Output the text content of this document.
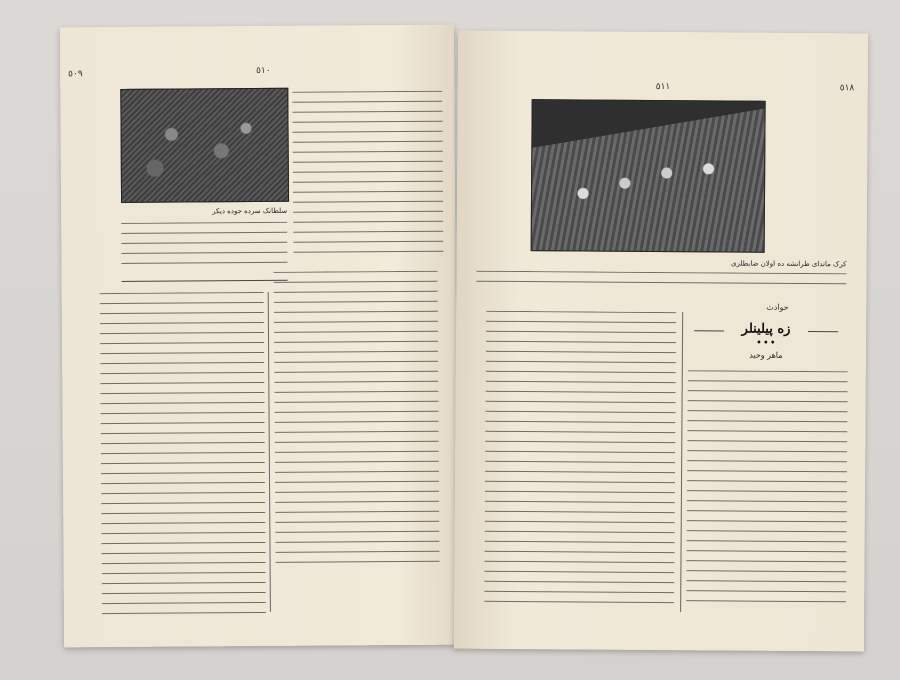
٥٠٩	٥١٠
سلطانک سرده جوده دیکر
٥١١	٥١٨
کرک ماتدای طرانشه ده اولان ضابطلری
حوادث
زه پیلینلر
•••
ماهر وحید
